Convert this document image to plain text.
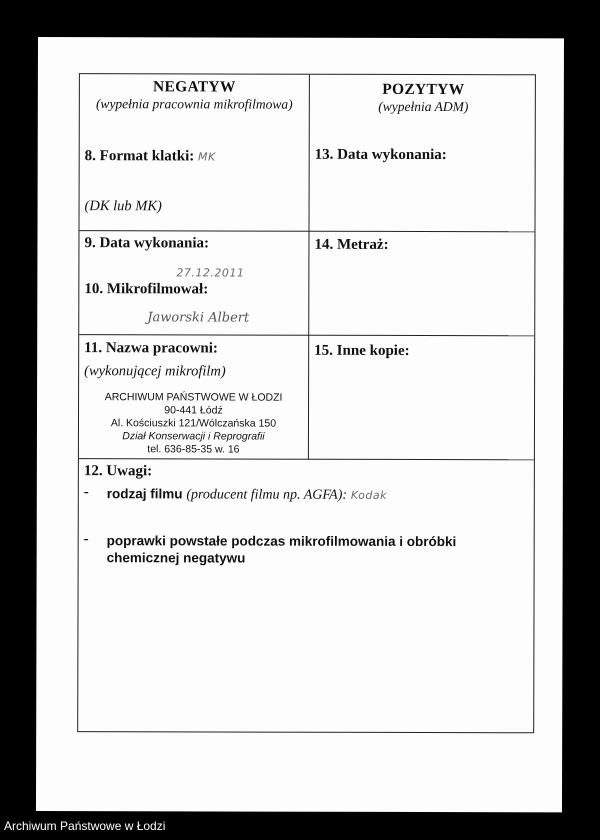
NEGATYW
(wypełnia pracownia mikrofilmowa)
8. Format klatki: MK
(DK lub MK)
POZYTYW
(wypełnia ADM)
13. Data wykonania:
9. Data wykonania:
27.12.2011
10. Mikrofilmował:
Jaworski Albert
14. Metraż:
11. Nazwa pracowni:
(wykonującej mikrofilm)
ARCHIWUM PAŃSTWOWE W ŁODZI
90-441 Łódź
Al. Kościuszki 121/Wólczańska 150
Dział Konserwacji i Reprografii
tel. 636-85-35 w. 16
15. Inne kopie:
12. Uwagi:
- rodzaj filmu (producent filmu np. AGFA): Kodak
- poprawki powstałe podczas mikrofilmowania i obróbki
chemicznej negatywu
Archiwum Państwowe w Łodzi
